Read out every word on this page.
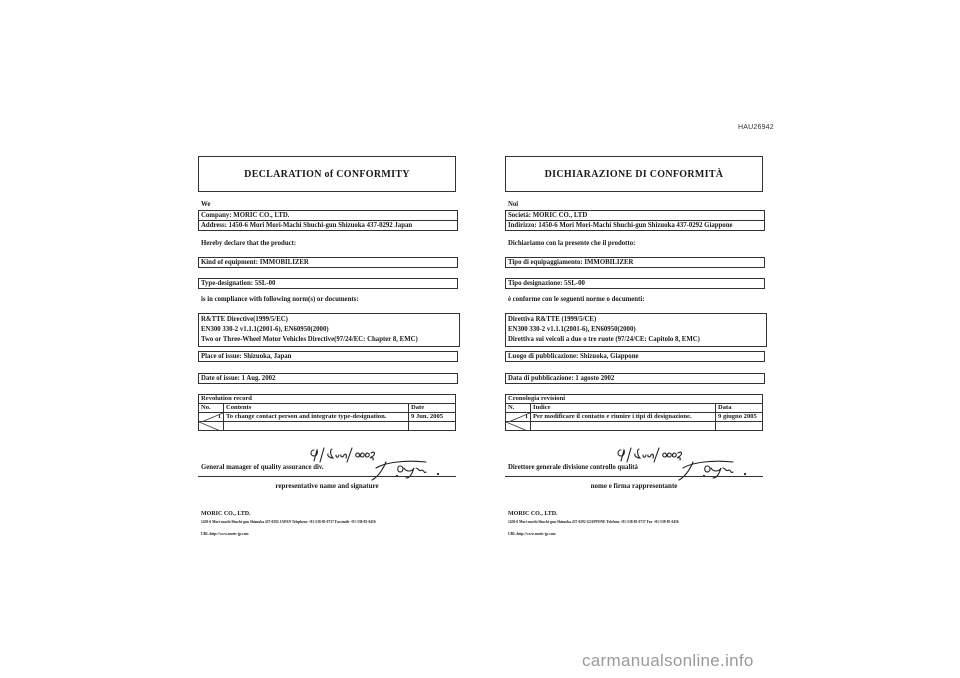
HAU26942
DECLARATION of CONFORMITY
We
Company: MORIC CO., LTD.
Address: 1450-6 Mori Mori-Machi Shuchi-gun Shizuoka 437-0292 Japan
Hereby declare that the product:
Kind of equipment: IMMOBILIZER
Type-designation: 5SL-00
is in compliance with following norm(s) or documents:
R&TTE Directive(1999/5/EC)
EN300 330-2 v1.1.1(2001-6), EN60950(2000)
Two or Three-Wheel Motor Vehicles Directive(97/24/EC: Chapter 8, EMC)
Place of issue: Shizuoka, Japan
Date of issue: 1 Aug. 2002
Revolution record		
No.	Contents	Date

1	To change contact person and integrate type-designation.	9 Jun. 2005

General manager of quality assurance div.
representative name and signature
MORIC CO., LTD.
1450-6 Mori-machi Shuchi-gun Shizuoka 437-0292 JAPAN Telephone +81-538-85-0737 Facsimile +81-538-85-0456
URL:http://www.moric-jp.com
DICHIARAZIONE DI CONFORMITÀ
Noi
Società: MORIC CO., LTD
Indirizzo: 1450-6 Mori Mori-Machi Shuchi-gun Shizuoka 437-0292 Giappone
Dichiariamo con la presente che il prodotto:
Tipo di equipaggiamento: IMMOBILIZER
Tipo designazione: 5SL-00
è conforme con le seguenti norme o documenti:
Direttiva R&TTE (1999/5/CE)
EN300 330-2 v1.1.1(2001-6), EN60950(2000)
Direttiva sui veicoli a due o tre ruote (97/24/CE: Capitolo 8, EMC)
Luogo di pubblicazione: Shizuoka, Giappone
Data di pubblicazione: 1 agosto 2002
Cronologia revisioni		
N.	Indice	Data

1	Per modificare il contatto e riunire i tipi di designazione.	9 giugno 2005

Direttore generale divisione controllo qualità
nome e firma rappresentante
MORIC CO., LTD.
1450-6 Mori-machi Shuchi-gun Shizuoka 437-0292 GIAPPONE Telefono +81-538-85-0737 Fax +81-538-85-0456
URL:http://www.moric-jp.com
carmanualsonline.info
